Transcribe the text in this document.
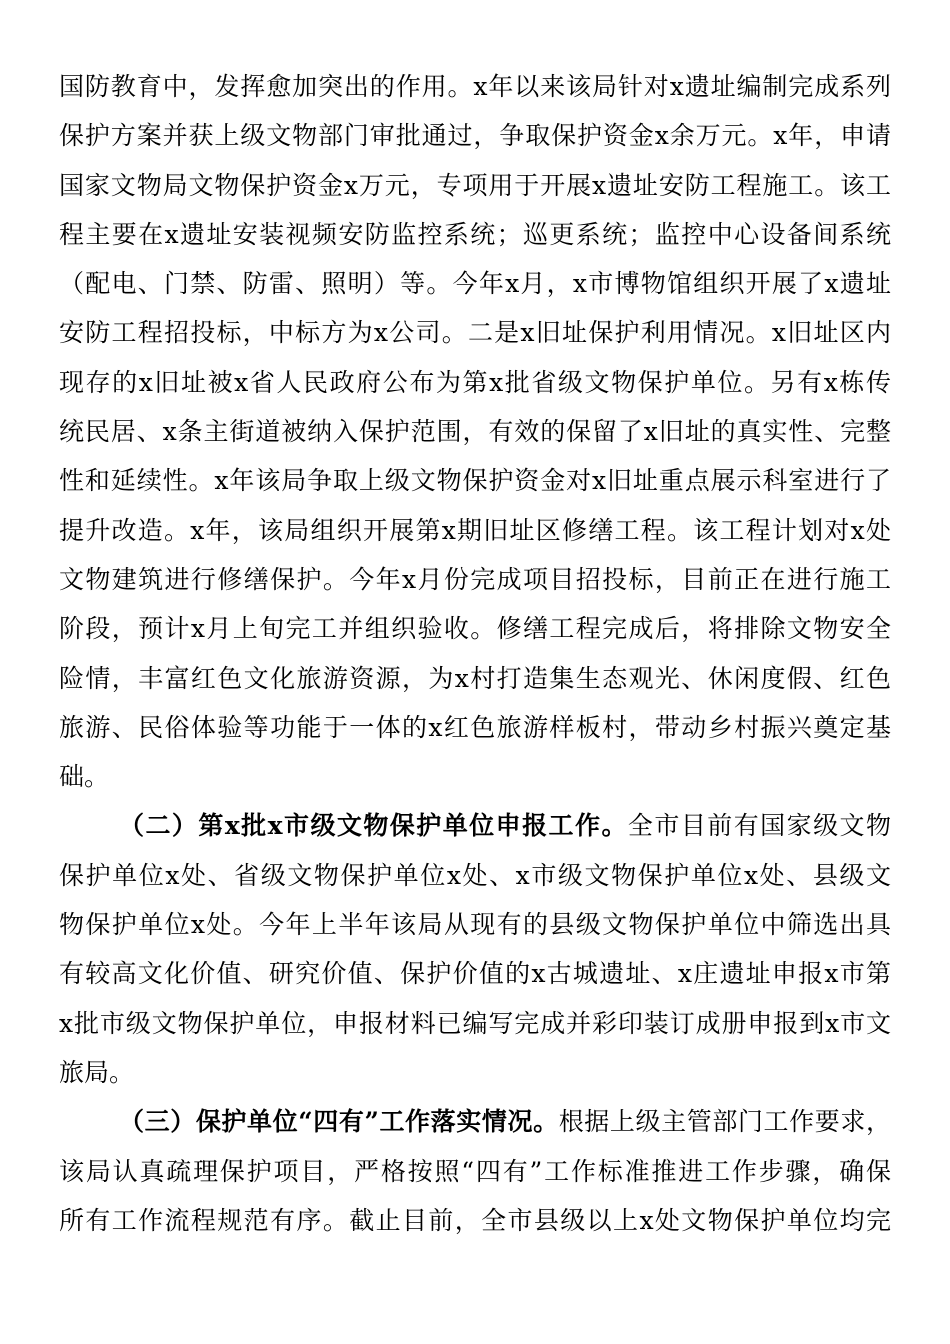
国防教育中，发挥愈加突出的作用。x年以来该局针对x遗址编制完成系列
保护方案并获上级文物部门审批通过，争取保护资金x余万元。x年，申请
国家文物局文物保护资金x万元，专项用于开展x遗址安防工程施工。该工
程主要在x遗址安装视频安防监控系统；巡更系统；监控中心设备间系统
（配电、门禁、防雷、照明）等。今年x月，x市博物馆组织开展了x遗址
安防工程招投标，中标方为x公司。二是x旧址保护利用情况。x旧址区内
现存的x旧址被x省人民政府公布为第x批省级文物保护单位。另有x栋传
统民居、x条主街道被纳入保护范围，有效的保留了x旧址的真实性、完整
性和延续性。x年该局争取上级文物保护资金对x旧址重点展示科室进行了
提升改造。x年，该局组织开展第x期旧址区修缮工程。该工程计划对x处
文物建筑进行修缮保护。今年x月份完成项目招投标，目前正在进行施工
阶段，预计x月上旬完工并组织验收。修缮工程完成后，将排除文物安全
险情，丰富红色文化旅游资源，为x村打造集生态观光、休闲度假、红色
旅游、民俗体验等功能于一体的x红色旅游样板村，带动乡村振兴奠定基
础。
（二）第x批x市级文物保护单位申报工作。全市目前有国家级文物
保护单位x处、省级文物保护单位x处、x市级文物保护单位x处、县级文
物保护单位x处。今年上半年该局从现有的县级文物保护单位中筛选出具
有较高文化价值、研究价值、保护价值的x古城遗址、x庄遗址申报x市第
x批市级文物保护单位，申报材料已编写完成并彩印装订成册申报到x市文
旅局。
（三）保护单位“四有”工作落实情况。根据上级主管部门工作要求，
该局认真疏理保护项目，严格按照“四有”工作标准推进工作步骤，确保
所有工作流程规范有序。截止目前，全市县级以上x处文物保护单位均完
